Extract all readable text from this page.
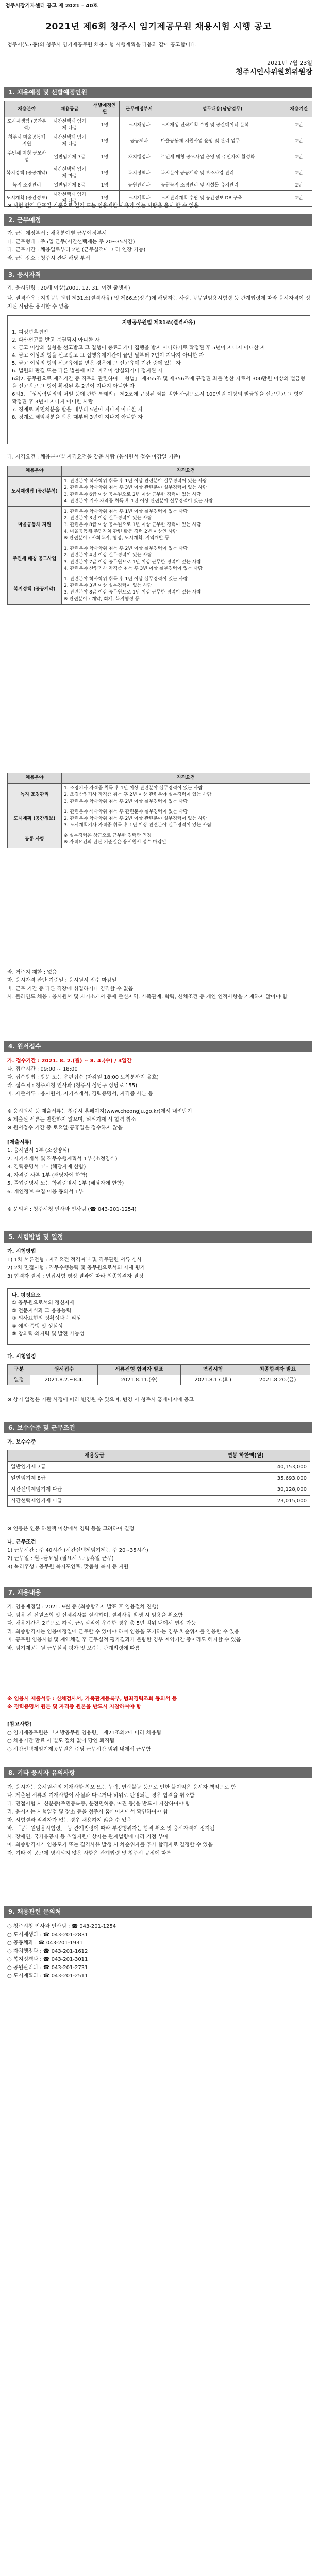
청주시장기자센터 공고 제 2021 – 40호
2021년 제6회 청주시 임기제공무원 채용시험 시행 공고
청주시(노∙동)의 청주시 임기제공무원 채용시험 시행계획을 다음과 같이 공고합니다.
2021년 7월 23일
청주시인사위원회위원장
1. 채용예정 및 선발예정인원
채용분야	채용등급	선발예정인원	근무예정부서	업무내용(담당업무)	채용기간
도시재생팀 (공간분석)	시간선택제 임기제 다급	1명	도시재생과	도시재생 전략계획 수립 및 공간데이터 분석	2년
청주시 마을공동체 지원	시간선택제 임기제 다급	1명	공동체과	마을공동체 지원사업 운영 및 관리 업무	2년
주민세 매칭 공모사업	일반임기제 7급	1명	자치행정과	주민세 매칭 공모사업 운영 및 주민자치 활성화	2년
복지정책 (공공계약)	시간선택제 임기제 마급	1명	복지정책과	복지분야 공공계약 및 보조사업 관리	2년
녹지 조경관리	일반임기제 8급	1명	공원관리과	공원녹지 조경관리 및 시설물 유지관리	2년
도시계획 (공간정보)	시간선택제 임기제 다급	1명	도시계획과	도시관리계획 수립 및 공간정보 DB 구축	2년
※ 시험 합격 발표일 기준으로 결격 또는 임용제한 사유가 있는 사람은 응시 할 수 없음
2. 근무예정
가. 근무예정부서 : 채용분야별 근무예정부서
나. 근무형태 : 주5일 근무(시간선택제는 주 20~35시간)
다. 근무기간 : 채용일로부터 2년 (근무실적에 따라 연장 가능)
라. 근무장소 : 청주시 관내 해당 부서
3. 응시자격
가. 응시연령 : 20세 이상(2001. 12. 31. 이전 출생자)
나. 결격사유 : 지방공무원법 제31조(결격사유) 및 제66조(정년)에 해당하는 사람, 공무원임용시험령 등 관계법령에 따라 응시자격이 정지된 사람은 응시할 수 없음
지방공무원법 제31조(결격사유)
1. 피성년후견인
2. 파산선고를 받고 복권되지 아니한 자
3. 금고 이상의 실형을 선고받고 그 집행이 종료되거나 집행을 받지 아니하기로 확정된 후 5년이 지나지 아니한 자
4. 금고 이상의 형을 선고받고 그 집행유예기간이 끝난 날부터 2년이 지나지 아니한 자
5. 금고 이상의 형의 선고유예를 받은 경우에 그 선고유예 기간 중에 있는 자
6. 법원의 판결 또는 다른 법률에 따라 자격이 상실되거나 정지된 자
6의2. 공무원으로 재직기간 중 직무와 관련하여 「형법」 제355조 및 제356조에 규정된 죄를 범한 자로서 300만원 이상의 벌금형을 선고받고 그 형이 확정된 후 2년이 지나지 아니한 자
6의3. 「성폭력범죄의 처벌 등에 관한 특례법」 제2조에 규정된 죄를 범한 사람으로서 100만원 이상의 벌금형을 선고받고 그 형이 확정된 후 3년이 지나지 아니한 사람
7. 징계로 파면처분을 받은 때부터 5년이 지나지 아니한 자
8. 징계로 해임처분을 받은 때부터 3년이 지나지 아니한 자
다. 자격요건 : 채용분야별 자격요건을 갖춘 사람 (응시원서 접수 마감일 기준)
채용분야	자격요건
도시재생팀 (공간분석)	1. 관련분야 석사학위 취득 후 1년 이상 관련분야 실무경력이 있는 사람
2. 관련분야 학사학위 취득 후 3년 이상 관련분야 실무경력이 있는 사람
3. 관련분야 6급 이상 공무원으로 2년 이상 근무한 경력이 있는 사람
4. 관련분야 기사 자격증 취득 후 1년 이상 관련분야 실무경력이 있는 사람

마을공동체 지원	1. 관련분야 학사학위 취득 후 1년 이상 실무경력이 있는 사람
2. 관련분야 3년 이상 실무경력이 있는 사람
3. 관련분야 8급 이상 공무원으로 1년 이상 근무한 경력이 있는 사람
4. 마을공동체·주민자치 관련 활동 경력 2년 이상인 사람
※ 관련분야 : 사회복지, 행정, 도시계획, 지역개발 등

주민세 매칭 공모사업	1. 관련분야 학사학위 취득 후 2년 이상 실무경력이 있는 사람
2. 관련분야 4년 이상 실무경력이 있는 사람
3. 관련분야 7급 이상 공무원으로 1년 이상 근무한 경력이 있는 사람
4. 관련분야 산업기사 자격증 취득 후 3년 이상 실무경력이 있는 사람

복지정책 (공공계약)	1. 관련분야 학사학위 취득 후 1년 이상 실무경력이 있는 사람
2. 관련분야 3년 이상 실무경력이 있는 사람
3. 관련분야 8급 이상 공무원으로 1년 이상 근무한 경력이 있는 사람
※ 관련분야 : 계약, 회계, 복지행정 등
채용분야	자격요건
녹지 조경관리	1. 조경기사 자격증 취득 후 1년 이상 관련분야 실무경력이 있는 사람
2. 조경산업기사 자격증 취득 후 2년 이상 관련분야 실무경력이 있는 사람
3. 관련분야 학사학위 취득 후 2년 이상 실무경력이 있는 사람

도시계획 (공간정보)	1. 관련분야 석사학위 취득 후 관련분야 실무경력이 있는 사람
2. 관련분야 학사학위 취득 후 2년 이상 관련분야 실무경력이 있는 사람
3. 도시계획기사 자격증 취득 후 1년 이상 관련분야 실무경력이 있는 사람

공통 사항	※ 실무경력은 상근으로 근무한 경력만 인정
※ 자격요건의 판단 기준일은 응시원서 접수 마감일
라. 거주지 제한 : 없음
마. 응시자격 판단 기준일 : 응시원서 접수 마감일
바. 근무 기간 중 다른 직장에 취업하거나 겸직할 수 없음
사. 블라인드 채용 : 응시원서 및 자기소개서 등에 출신지역, 가족관계, 학력, 신체조건 등 개인 인적사항을 기재하지 않아야 함
4. 원서접수
가. 접수기간 : 2021. 8. 2.(월) ~ 8. 4.(수) / 3일간
나. 접수시간 : 09:00 ~ 18:00
다. 접수방법 : 방문 또는 우편접수 (마감일 18:00 도착분까지 유효)
라. 접수처 : 청주시청 인사과 (청주시 상당구 상당로 155)
마. 제출서류 : 응시원서, 자기소개서, 경력증명서, 자격증 사본 등
※ 응시원서 등 제출서류는 청주시 홈페이지(www.cheongju.go.kr)에서 내려받기
※ 제출된 서류는 반환하지 않으며, 허위기재 시 합격 취소
※ 원서접수 기간 중 토요일·공휴일은 접수하지 않음
[제출서류]
1. 응시원서 1부 (소정양식)
2. 자기소개서 및 직무수행계획서 1부 (소정양식)
3. 경력증명서 1부 (해당자에 한함)
4. 자격증 사본 1부 (해당자에 한함)
5. 졸업증명서 또는 학위증명서 1부 (해당자에 한함)
6. 개인정보 수집·이용 동의서 1부
※ 문의처 : 청주시청 인사과 인사팀 (☎ 043-201-1254)
5. 시험방법 및 일정
가. 시험방법
1) 1차 서류전형 : 자격요건 적격여부 및 직무관련 서류 심사
2) 2차 면접시험 : 직무수행능력 및 공무원으로서의 자세 평가
3) 합격자 결정 : 면접시험 평정 결과에 따라 최종합격자 결정
나. 평정요소
① 공무원으로서의 정신자세
② 전문지식과 그 응용능력
③ 의사표현의 정확성과 논리성
④ 예의·품행 및 성실성
⑤ 창의력·의지력 및 발전 가능성
다. 시험일정
구분	원서접수	서류전형 합격자 발표	면접시험	최종합격자 발표
일정	2021.8.2.~8.4.	2021.8.11.(수)	2021.8.17.(화)	2021.8.20.(금)
※ 상기 일정은 기관 사정에 따라 변경될 수 있으며, 변경 시 청주시 홈페이지에 공고
6. 보수수준 및 근무조건
가. 보수수준
채용등급	연봉 하한액(원)
일반임기제 7급	40,153,000
일반임기제 8급	35,693,000
시간선택제임기제 다급	30,128,000
시간선택제임기제 마급	23,015,000
※ 연봉은 연봉 하한액 이상에서 경력 등을 고려하여 결정
나. 근무조건
1) 근무시간 : 주 40시간 (시간선택제임기제는 주 20~35시간)
2) 근무일 : 월~금요일 (필요시 토·공휴일 근무)
3) 복리후생 : 공무원 복지포인트, 맞춤형 복지 등 지원
7. 채용내용
가. 임용예정일 : 2021. 9월 중 (최종합격자 발표 후 임용절차 진행)
나. 임용 전 신원조회 및 신체검사를 실시하며, 결격사유 발생 시 임용을 취소함
다. 채용기간은 2년으로 하되, 근무실적이 우수한 경우 총 5년 범위 내에서 연장 가능
라. 최종합격자는 임용예정일에 근무할 수 있어야 하며 임용을 포기하는 경우 차순위자를 임용할 수 있음
마. 공무원 임용시험 및 계약체결 후 근무실적 평가결과가 불량한 경우 계약기간 중이라도 해지할 수 있음
바. 임기제공무원 근무실적 평가 및 보수는 관계법령에 따름
※ 임용시 제출서류 : 신체검사서, 가족관계등록부, 범죄경력조회 동의서 등
※ 경력증명서 원본 및 자격증 원본을 반드시 지참하여야 함
[참고사항]
○ 임기제공무원은 「지방공무원 임용령」 제21조의2에 따라 채용됨
○ 채용기간 만료 시 별도 절차 없이 당연 퇴직됨
○ 시간선택제임기제공무원은 주당 근무시간 범위 내에서 근무함
8. 기타 응시자 유의사항
가. 응시자는 응시원서의 기재사항 착오 또는 누락, 연락불능 등으로 인한 불이익은 응시자 책임으로 함
나. 제출된 서류의 기재사항이 사실과 다르거나 허위로 판명되는 경우 합격을 취소함
다. 면접시험 시 신분증(주민등록증, 운전면허증, 여권 등)을 반드시 지참하여야 함
라. 응시자는 시험일정 및 장소 등을 청주시 홈페이지에서 확인하여야 함
마. 시험결과 적격자가 없는 경우 채용하지 않을 수 있음
바. 「공무원임용시험령」 등 관계법령에 따라 부정행위자는 합격 취소 및 응시자격이 정지됨
사. 장애인, 국가유공자 등 취업지원대상자는 관계법령에 따라 가점 부여
아. 최종합격자가 임용포기 또는 결격사유 발생 시 차순위자를 추가 합격자로 결정할 수 있음
자. 기타 이 공고에 명시되지 않은 사항은 관계법령 및 청주시 규정에 따름
9. 채용관련 문의처
○ 청주시청 인사과 인사팀 : ☎ 043-201-1254
○ 도시재생과 : ☎ 043-201-2831
○ 공동체과 : ☎ 043-201-1931
○ 자치행정과 : ☎ 043-201-1612
○ 복지정책과 : ☎ 043-201-3011
○ 공원관리과 : ☎ 043-201-2731
○ 도시계획과 : ☎ 043-201-2511
